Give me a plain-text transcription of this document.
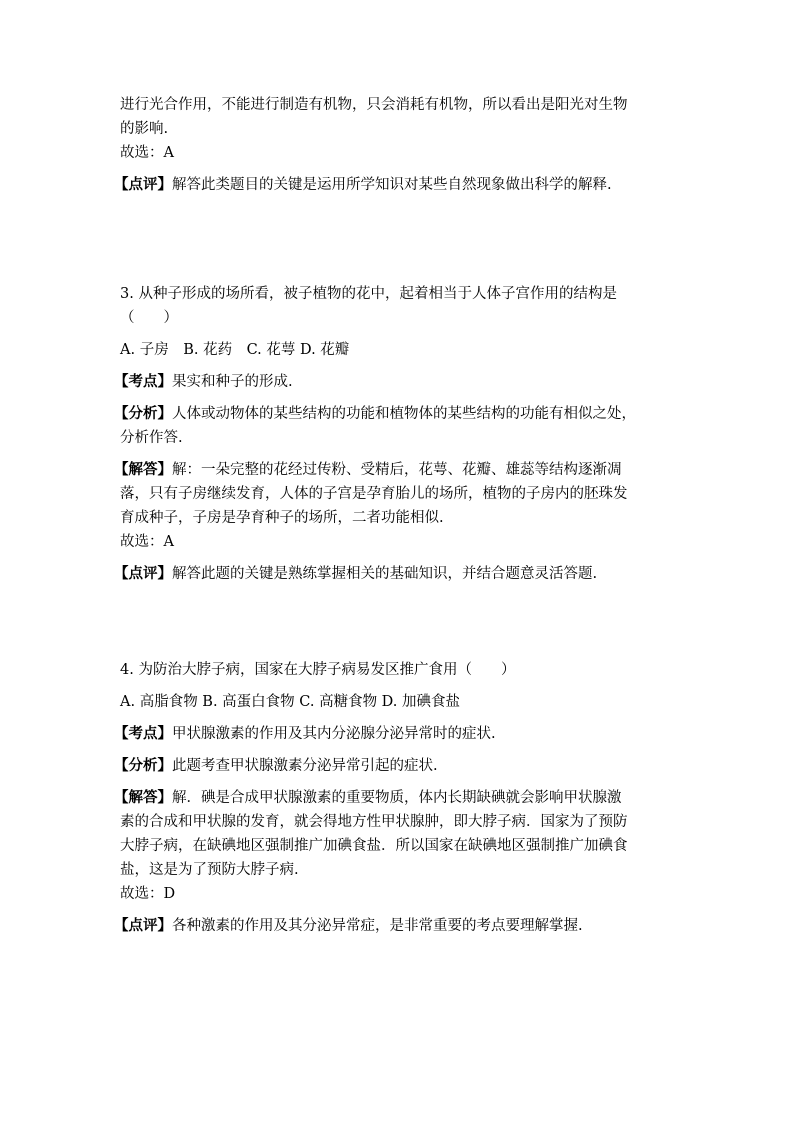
进行光合作用，不能进行制造有机物，只会消耗有机物，所以看出是阳光对生物

的影响.

故选：A

【点评】解答此类题目的关键是运用所学知识对某些自然现象做出科学的解释.

3. 从种子形成的场所看，被子植物的花中，起着相当于人体子宫作用的结构是

（　　）

A. 子房　B. 花药　C. 花萼 D. 花瓣

【考点】果实和种子的形成.

【分析】人体或动物体的某些结构的功能和植物体的某些结构的功能有相似之处，

分析作答.

【解答】解：一朵完整的花经过传粉、受精后，花萼、花瓣、雄蕊等结构逐渐凋

落，只有子房继续发育，人体的子宫是孕育胎儿的场所，植物的子房内的胚珠发

育成种子，子房是孕育种子的场所，二者功能相似.

故选：A

【点评】解答此题的关键是熟练掌握相关的基础知识，并结合题意灵活答题.

4. 为防治大脖子病，国家在大脖子病易发区推广食用（　　）

A. 高脂食物 B. 高蛋白食物 C. 高糖食物 D. 加碘食盐

【考点】甲状腺激素的作用及其内分泌腺分泌异常时的症状.

【分析】此题考查甲状腺激素分泌异常引起的症状.

【解答】解．碘是合成甲状腺激素的重要物质，体内长期缺碘就会影响甲状腺激

素的合成和甲状腺的发育，就会得地方性甲状腺肿，即大脖子病．国家为了预防

大脖子病，在缺碘地区强制推广加碘食盐．所以国家在缺碘地区强制推广加碘食

盐，这是为了预防大脖子病.

故选：D

【点评】各种激素的作用及其分泌异常症，是非常重要的考点要理解掌握.
